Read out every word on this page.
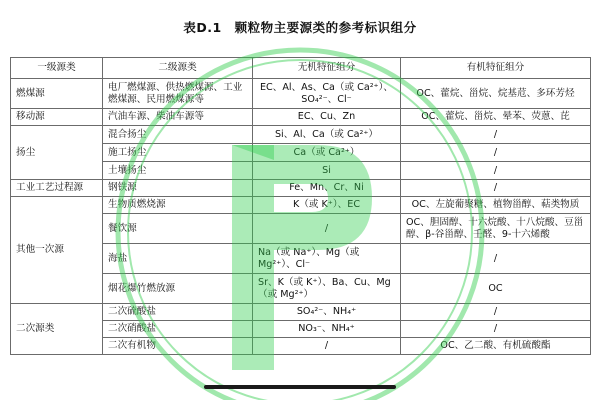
表D.1　颗粒物主要源类的参考标识组分
一级源类	二级源类	无机特征组分	有机特征组分
燃煤源	电厂燃煤源、供热燃煤源、工业燃煤源、民用燃煤源等	EC、Al、As、Ca（或 Ca²⁺）、SO₄²⁻、Cl⁻	OC、藿烷、甾烷、烷基苊、多环芳烃
移动源	汽油车源、柴油车源等	EC、Cu、Zn	OC、藿烷、甾烷、晕苯、荧蒽、芘
扬尘	混合扬尘	Si、Al、Ca（或 Ca²⁺）	/
	施工扬尘	Ca（或 Ca²⁺）	/
	土壤扬尘	Si	/
工业工艺过程源	钢铁源	Fe、Mn、Cr、Ni	/
其他一次源	生物质燃烧源	K（或 K⁺）、EC	OC、左旋葡聚糖、植物甾醇、萜类物质
	餐饮源	/	OC、胆固醇、十六烷酸、十八烷酸、豆甾醇、β-谷甾醇、壬醛、9-十六烯酸
	海盐	Na（或 Na⁺）、Mg（或 Mg²⁺）、Cl⁻	/
	烟花爆竹燃放源	Sr、K（或 K⁺）、Ba、Cu、Mg（或 Mg²⁺）	OC
二次源类	二次硫酸盐	SO₄²⁻、NH₄⁺	/
	二次硝酸盐	NO₃⁻、NH₄⁺	/
	二次有机物	/	OC、乙二酸、有机硫酸酯
